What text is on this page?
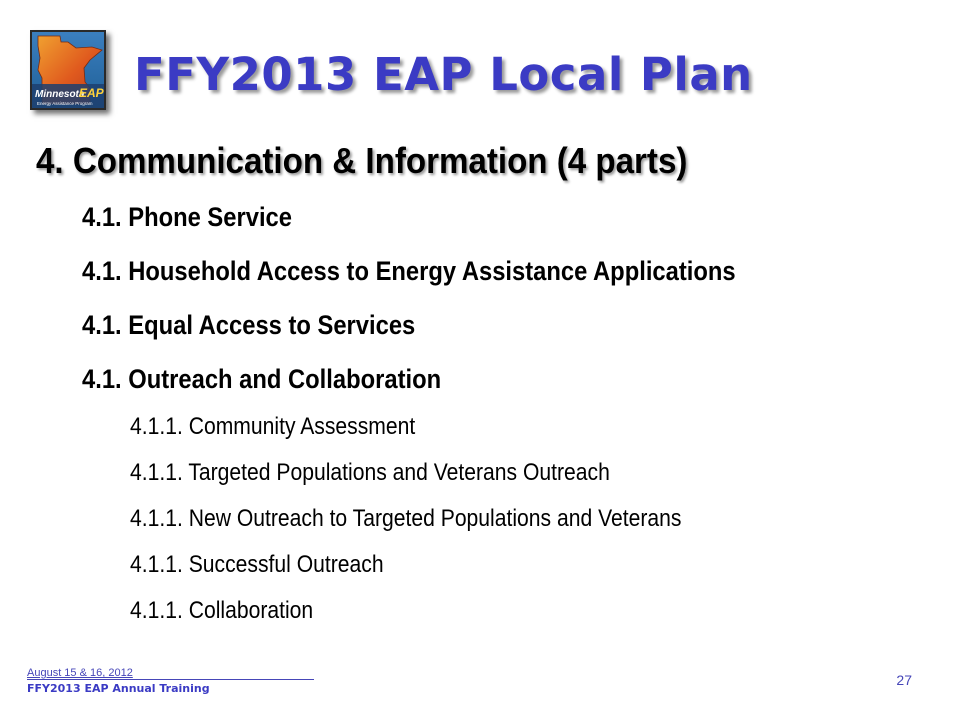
Minnesota
EAP
Energy Assistance Program
FFY2013 EAP Local Plan
4. Communication & Information (4 parts)

4.1. Phone Service

4.1. Household Access to Energy Assistance Applications

4.1. Equal Access to Services

4.1. Outreach and Collaboration

4.1.1. Community Assessment

4.1.1. Targeted Populations and Veterans Outreach

4.1.1. New Outreach to Targeted Populations and Veterans

4.1.1. Successful Outreach

4.1.1. Collaboration

August 15 & 16, 2012
FFY2013 EAP Annual Training
27
